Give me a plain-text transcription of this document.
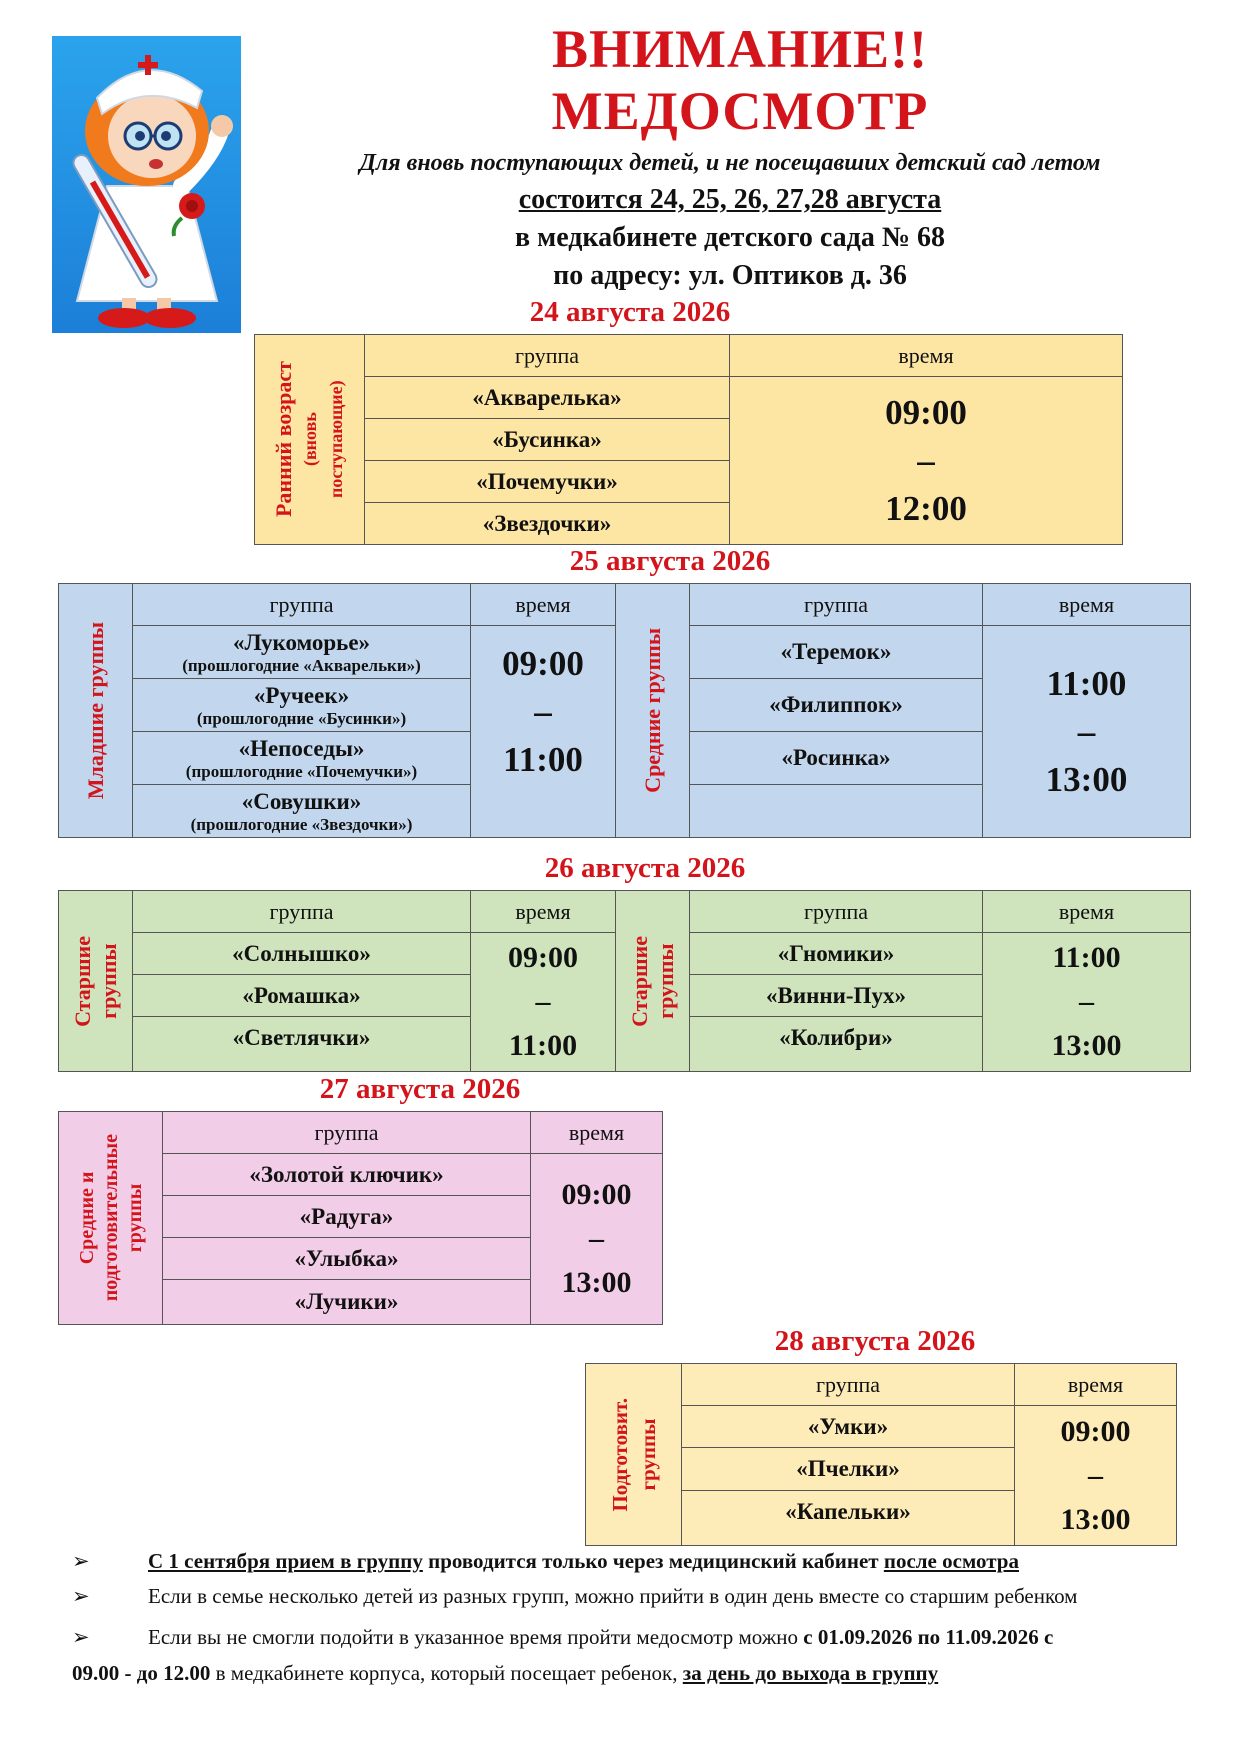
ВНИМАНИЕ!!
МЕДОСМОТР
Для вновь поступающих детей, и не посещавших детский сад летом
состоится 24, 25, 26, 27,28 августа
в медкабинете детского сада № 68
по адресу: ул. Оптиков д. 36
24 августа 2026
Ранний возраст (вновь поступающие)	группа	время
	«Акварелька»	09:00
–
12:00
	«Бусинка»	
	«Почемучки»	
	«Звездочки»	
25 августа 2026
Младшие группы	группа	время
	«Лукоморье»
(прошлогодние «Акварельки»)	09:00
–
11:00
	«Ручеек»
(прошлогодние «Бусинки»)	

	«Непоседы»
(прошлогодние «Почемучки»)	

	«Совушки»
(прошлогодние «Звездочки»)	
Средние группы	группа	время
	«Теремок»	11:00
–
13:00
	«Филиппок»	
	«Росинка»	

26 августа 2026
Старшие
группы	группа	время
	«Солнышко»	09:00
–
11:00
	«Ромашка»	
	«Светлячки»	
Старшие
группы	группа	время
	«Гномики»	11:00
–
13:00
	«Винни-Пух»	
	«Колибри»	
27 августа 2026
Средние и подготовительные группы	группа	время
	«Золотой ключик»	09:00
–
13:00
	«Радуга»	
	«Улыбка»	
	«Лучики»	
28 августа 2026
Подготовит. группы	группа	время
	«Умки»	09:00
–
13:00
	«Пчелки»	
	«Капельки»	
➢	С 1 сентября прием в группу проводится только через медицинский кабинет после осмотра
➢	Если в семье несколько детей из разных групп, можно прийти в один день вместе со старшим ребенком
➢	Если вы не смогли подойти в указанное время пройти медосмотр можно с 01.09.2026 по 11.09.2026 с
09.00 - до 12.00 в медкабинете корпуса, который посещает ребенок, за день до выхода в группу
